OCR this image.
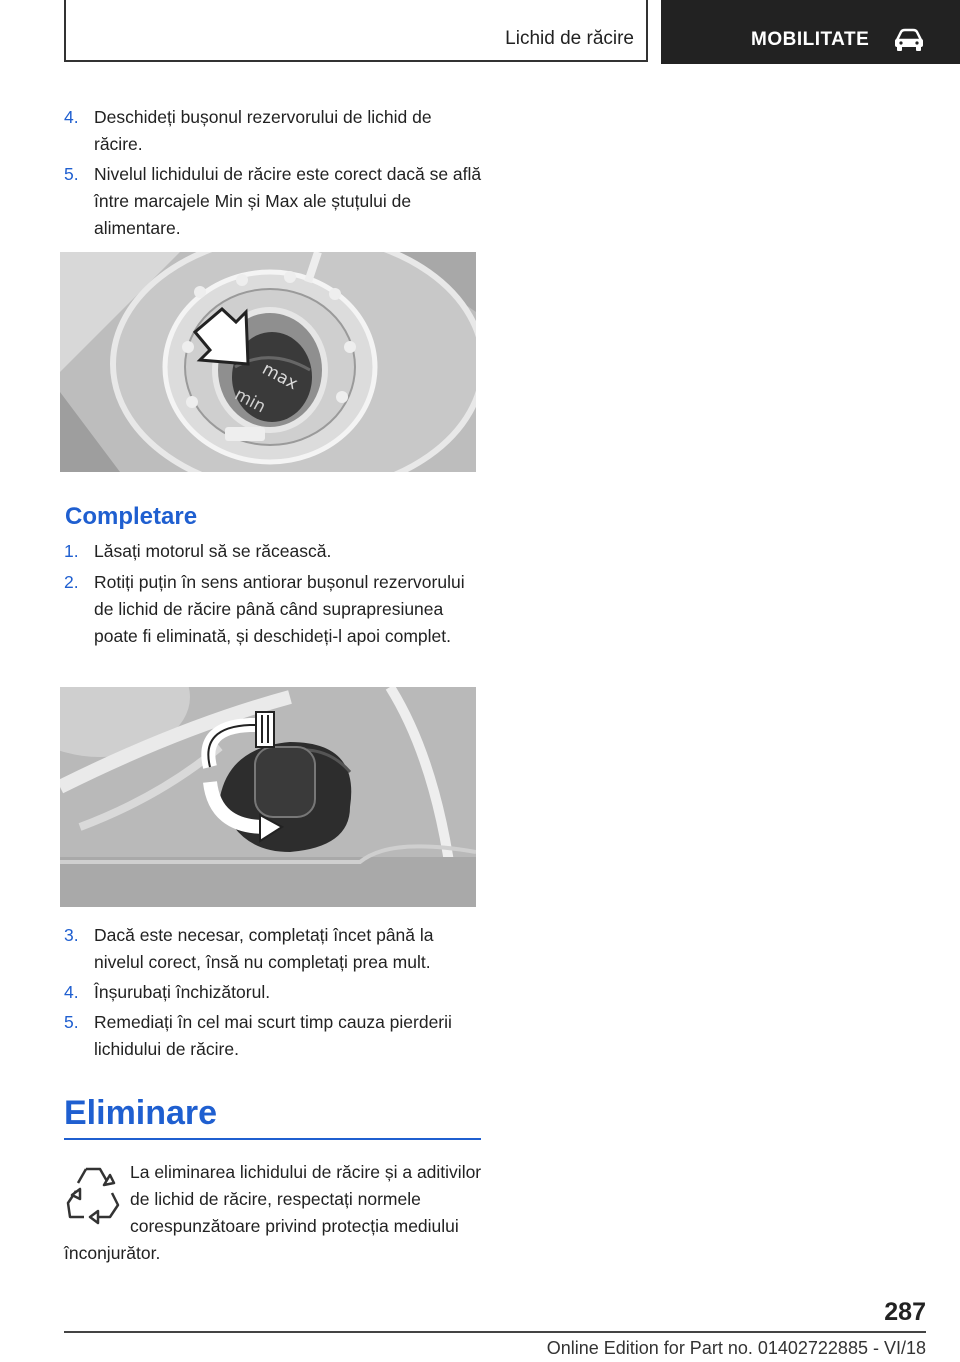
Lichid de răcire	MOBILITATE
4. Deschideți bușonul rezervorului de lichid de răcire.
5. Nivelul lichidului de răcire este corect dacă se află între marcajele Min și Max ale ștuțului de alimentare.
max
min
Completare
1. Lăsați motorul să se răcească.
2. Rotiți puțin în sens antiorar bușonul rezervorului de lichid de răcire până când suprapresiunea poate fi eliminată, și deschideți-l apoi complet.
3. Dacă este necesar, completați încet până la nivelul corect, însă nu completați prea mult.
4. Înșurubați închizătorul.
5. Remediați în cel mai scurt timp cauza pierderii lichidului de răcire.
Eliminare
La eliminarea lichidului de răcire și a aditivilor de lichid de răcire, respectați normele corespunzătoare privind protecția mediului înconjurător.
287
Online Edition for Part no. 01402722885 - VI/18
